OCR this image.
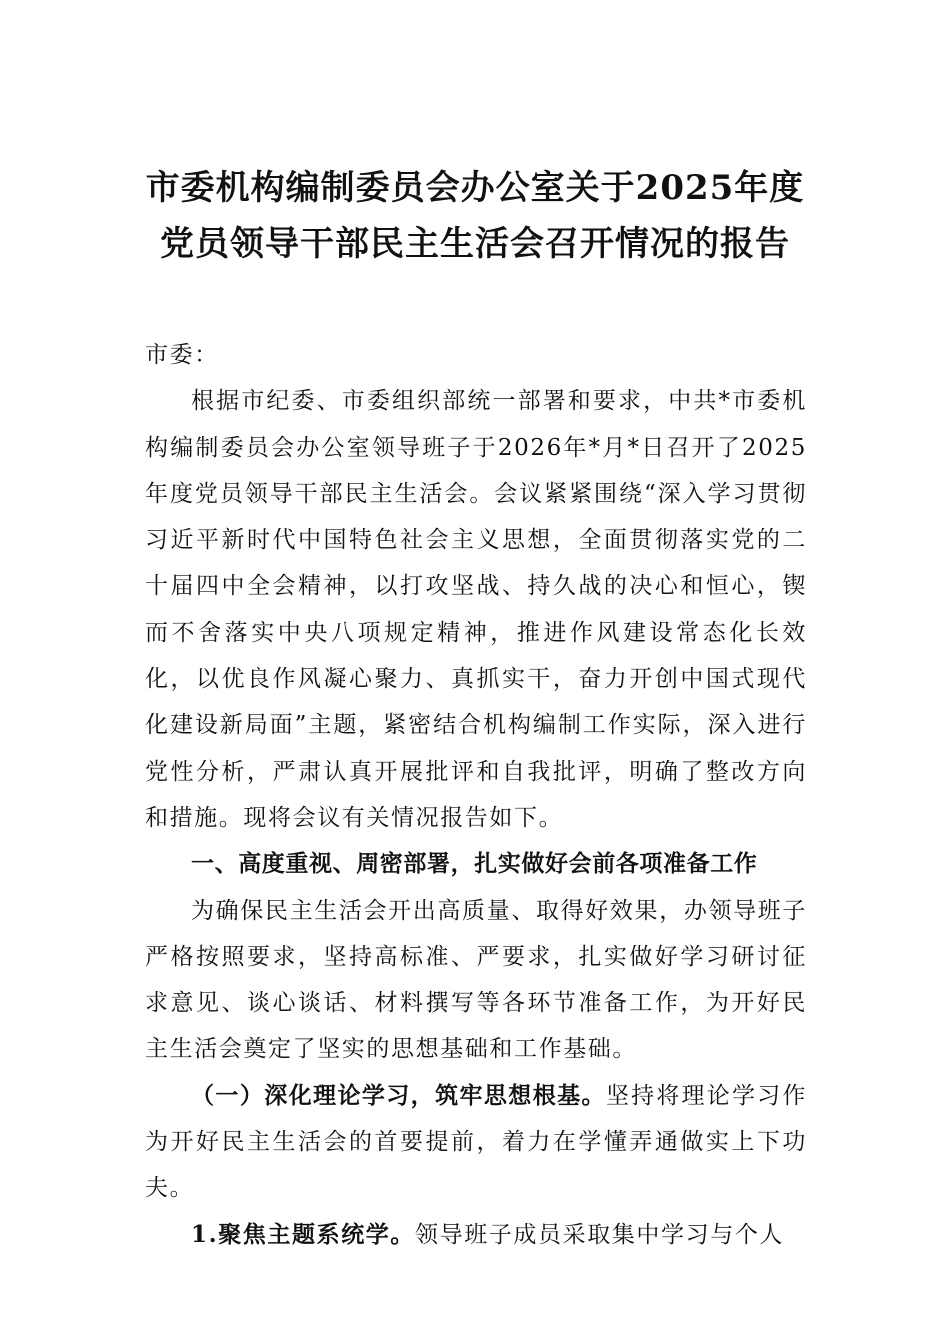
市委机构编制委员会办公室关于2025年度
党员领导干部民主生活会召开情况的报告

市委：

根据市纪委、市委组织部统一部署和要求，中共*市委机构编制委员会办公室领导班子于2026年*月*日召开了2025年度党员领导干部民主生活会。会议紧紧围绕“深入学习贯彻习近平新时代中国特色社会主义思想，全面贯彻落实党的二十届四中全会精神，以打攻坚战、持久战的决心和恒心，锲而不舍落实中央八项规定精神，推进作风建设常态化长效化，以优良作风凝心聚力、真抓实干，奋力开创中国式现代化建设新局面”主题，紧密结合机构编制工作实际，深入进行党性分析，严肃认真开展批评和自我批评，明确了整改方向和措施。现将会议有关情况报告如下。

一、高度重视、周密部署，扎实做好会前各项准备工作

为确保民主生活会开出高质量、取得好效果，办领导班子严格按照要求，坚持高标准、严要求，扎实做好学习研讨征求意见、谈心谈话、材料撰写等各环节准备工作，为开好民主生活会奠定了坚实的思想基础和工作基础。

（一）深化理论学习，筑牢思想根基。坚持将理论学习作为开好民主生活会的首要提前，着力在学懂弄通做实上下功夫。

1.聚焦主题系统学。领导班子成员采取集中学习与个人
